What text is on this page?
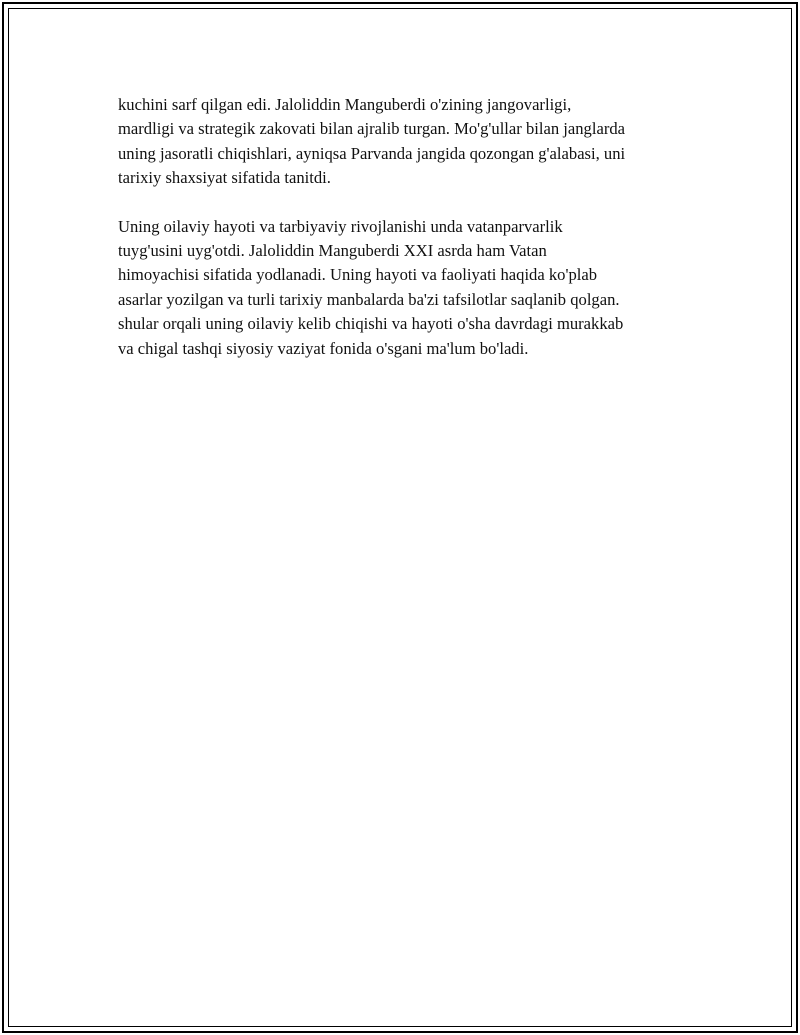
kuchini sarf qilgan edi. Jaloliddin Manguberdi o'zining jangovarligi,
mardligi va strategik zakovati bilan ajralib turgan. Mo'g'ullar bilan janglarda
uning jasoratli chiqishlari, ayniqsa Parvanda jangida qozongan g'alabasi, uni
tarixiy shaxsiyat sifatida tanitdi.

Uning oilaviy hayoti va tarbiyaviy rivojlanishi unda vatanparvarlik
tuyg'usini uyg'otdi. Jaloliddin Manguberdi XXI asrda ham Vatan
himoyachisi sifatida yodlanadi. Uning hayoti va faoliyati haqida ko'plab
asarlar yozilgan va turli tarixiy manbalarda ba'zi tafsilotlar saqlanib qolgan.
shular orqali uning oilaviy kelib chiqishi va hayoti o'sha davrdagi murakkab
va chigal tashqi siyosiy vaziyat fonida o'sgani ma'lum bo'ladi.
